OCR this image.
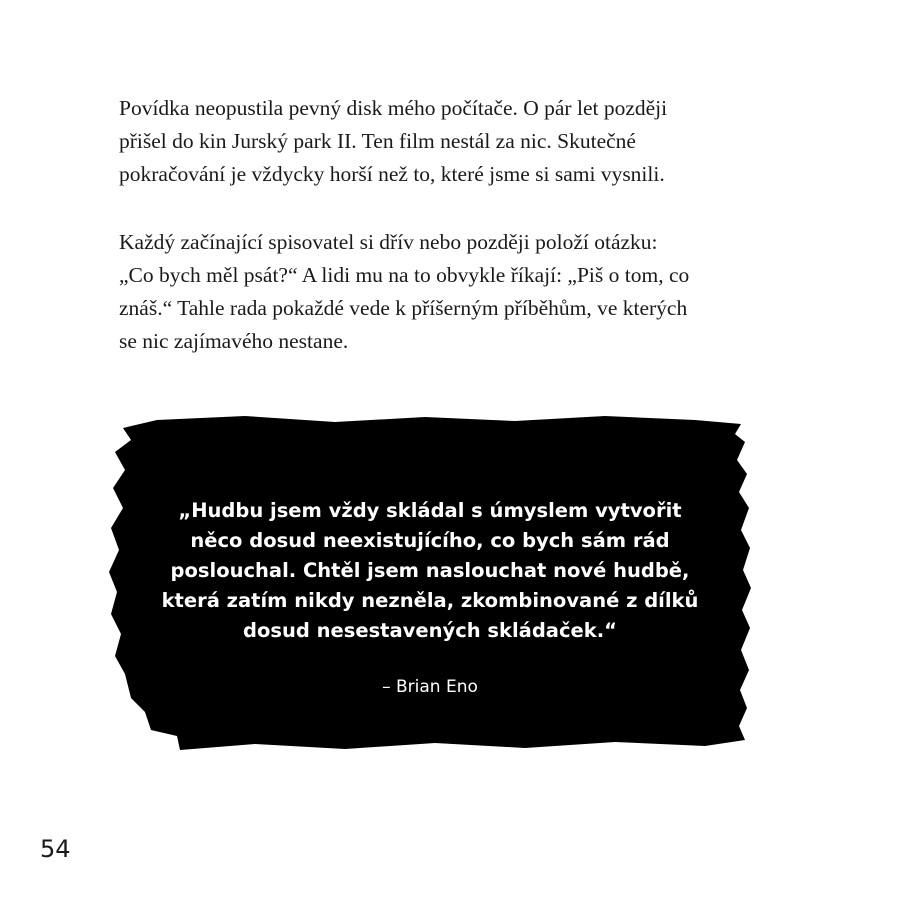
Povídka neopustila pevný disk mého počítače. O pár let později
přišel do kin Jurský park II. Ten film nestál za nic. Skutečné
pokračování je vždycky horší než to, které jsme si sami vysnili.
Každý začínající spisovatel si dřív nebo později položí otázku:
„Co bych měl psát?“ A lidi mu na to obvykle říkají: „Piš o tom, co
znáš.“ Tahle rada pokaždé vede k příšerným příběhům, ve kterých
se nic zajímavého nestane.
„Hudbu jsem vždy skládal s úmyslem vytvořit
něco dosud neexistujícího, co bych sám rád
poslouchal. Chtěl jsem naslouchat nové hudbě,
která zatím nikdy nezněla, zkombinované z dílků
dosud nesestavených skládaček.“
– Brian Eno
54
